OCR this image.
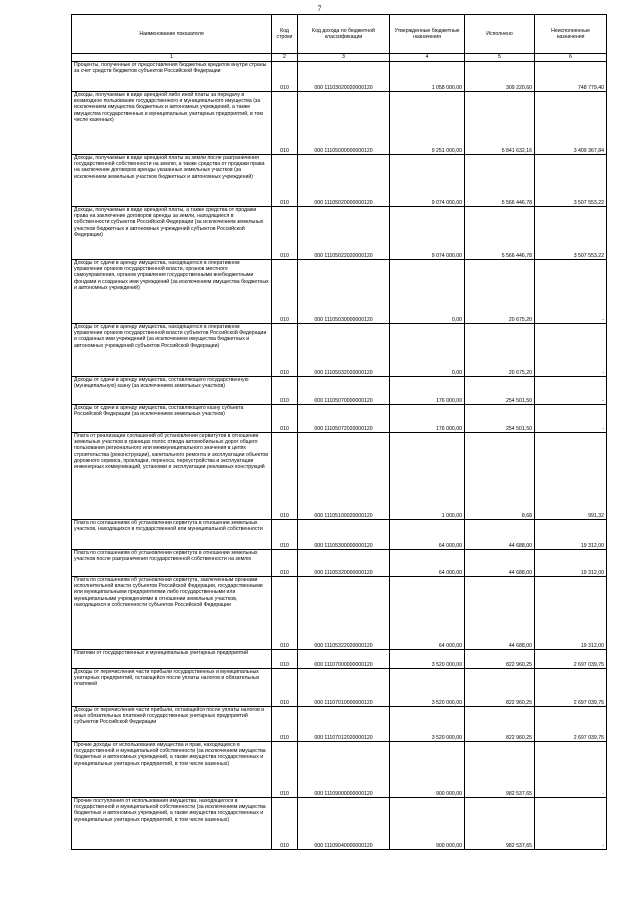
7
Наименование показателя	Код строки	Код дохода по бюджетной классификации	Утвержденные бюджетные назначения	Исполнено	Неисполненные назначения
1	2	3	4	5	6
Проценты, полученные от предоставления бюджетных кредитов внутри страны за счет средств бюджетов субъектов Российской Федерации	010	000 11103020020000120	1 058 000,00	309 220,60	748 779,40
Доходы, получаемые в виде арендной либо иной платы за передачу в возмездное пользование государственного и муниципального имущества (за исключением имущества бюджетных и автономных учреждений, а также имущества государственных и муниципальных унитарных предприятий, в том числе казенных)	010	000 11105000000000120	9 251 000,00	5 841 632,16	3 409 367,84
Доходы, получаемые в виде арендной платы за земли после разграничения государственной собственности на землю, а также средства от продажи права на заключение договоров аренды указанных земельных участков (за исключением земельных участков бюджетных и автономных учреждений)	010	000 11105020000000120	9 074 000,00	5 566 446,78	3 507 553,22
Доходы, получаемые в виде арендной платы, а также средства от продажи права на заключение договоров аренды за земли, находящиеся в собственности субъектов Российской Федерации (за исключением земельных участков бюджетных и автономных учреждений субъектов Российской Федерации)	010	000 11105022020000120	9 074 000,00	5 566 446,78	3 507 553,22
Доходы от сдачи в аренду имущества, находящегося в оперативном управлении органов государственной власти, органов местного самоуправления, органов управления государственными внебюджетными фондами и созданных ими учреждений (за исключением имущества бюджетных и автономных учреждений)	010	000 11105030000000120	0,00	20 675,20	-
Доходы от сдачи в аренду имущества, находящегося в оперативном управлении органов государственной власти субъектов Российской Федерации и созданных ими учреждений (за исключением имущества бюджетных и автономных учреждений субъектов Российской Федерации)	010	000 11105032020000120	0,00	20 675,20	-
Доходы от сдачи в аренду имущества, составляющего государственную (муниципальную) казну (за исключением земельных участков)	010	000 11105070000000120	176 000,00	254 501,50	-
Доходы от сдачи в аренду имущества, составляющего казну субъекта Российской Федерации (за исключением земельных участков)	010	000 11105072020000120	176 000,00	254 501,50	-
Плата от реализации соглашений об установлении сервитутов в отношении земельных участков в границах полос отвода автомобильных дорог общего пользования регионального или межмуниципального значения в целях строительства (реконструкции), капитального ремонта и эксплуатации объектов дорожного сервиса, прокладки, переноса, переустройства и эксплуатации инженерных коммуникаций, установки и эксплуатации рекламных конструкций	010	000 11105100020000120	1 000,00	8,68	991,32
Плата по соглашениям об установлении сервитута в отношении земельных участков, находящихся в государственной или муниципальной собственности	010	000 11105300000000120	64 000,00	44 688,00	19 312,00
Плата по соглашениям об установлении сервитута в отношении земельных участков после разграничения государственной собственности на землю	010	000 11105320000000120	64 000,00	44 688,00	19 312,00
Плата по соглашениям об установлении сервитута, заключенным органами исполнительной власти субъектов Российской Федерации, государственными или муниципальными предприятиями либо государственными или муниципальными учреждениями в отношении земельных участков, находящихся в собственности субъектов Российской Федерации	010	000 11105322020000120	64 000,00	44 688,00	19 312,00
Платежи от государственных и муниципальных унитарных предприятий	010	000 11107000000000120	3 520 000,00	822 960,25	2 697 039,75
Доходы от перечисления части прибыли государственных и муниципальных унитарных предприятий, остающейся после уплаты налогов и обязательных платежей	010	000 11107010000000120	3 520 000,00	822 960,25	2 697 039,75
Доходы от перечисления части прибыли, остающейся после уплаты налогов и иных обязательных платежей государственных унитарных предприятий субъектов Российской Федерации	010	000 11107012020000120	3 520 000,00	822 960,25	2 697 039,75
Прочие доходы от использования имущества и прав, находящихся в государственной и муниципальной собственности (за исключением имущества бюджетных и автономных учреждений, а также имущества государственных и муниципальных унитарных предприятий, в том числе казенных)	010	000 11109000000000120	900 000,00	982 537,65	-
Прочие поступления от использования имущества, находящегося в государственной и муниципальной собственности (за исключением имущества бюджетных и автономных учреждений, а также имущества государственных и муниципальных унитарных предприятий, в том числе казенных)	010	000 11109040000000120	900 000,00	982 537,65	-
